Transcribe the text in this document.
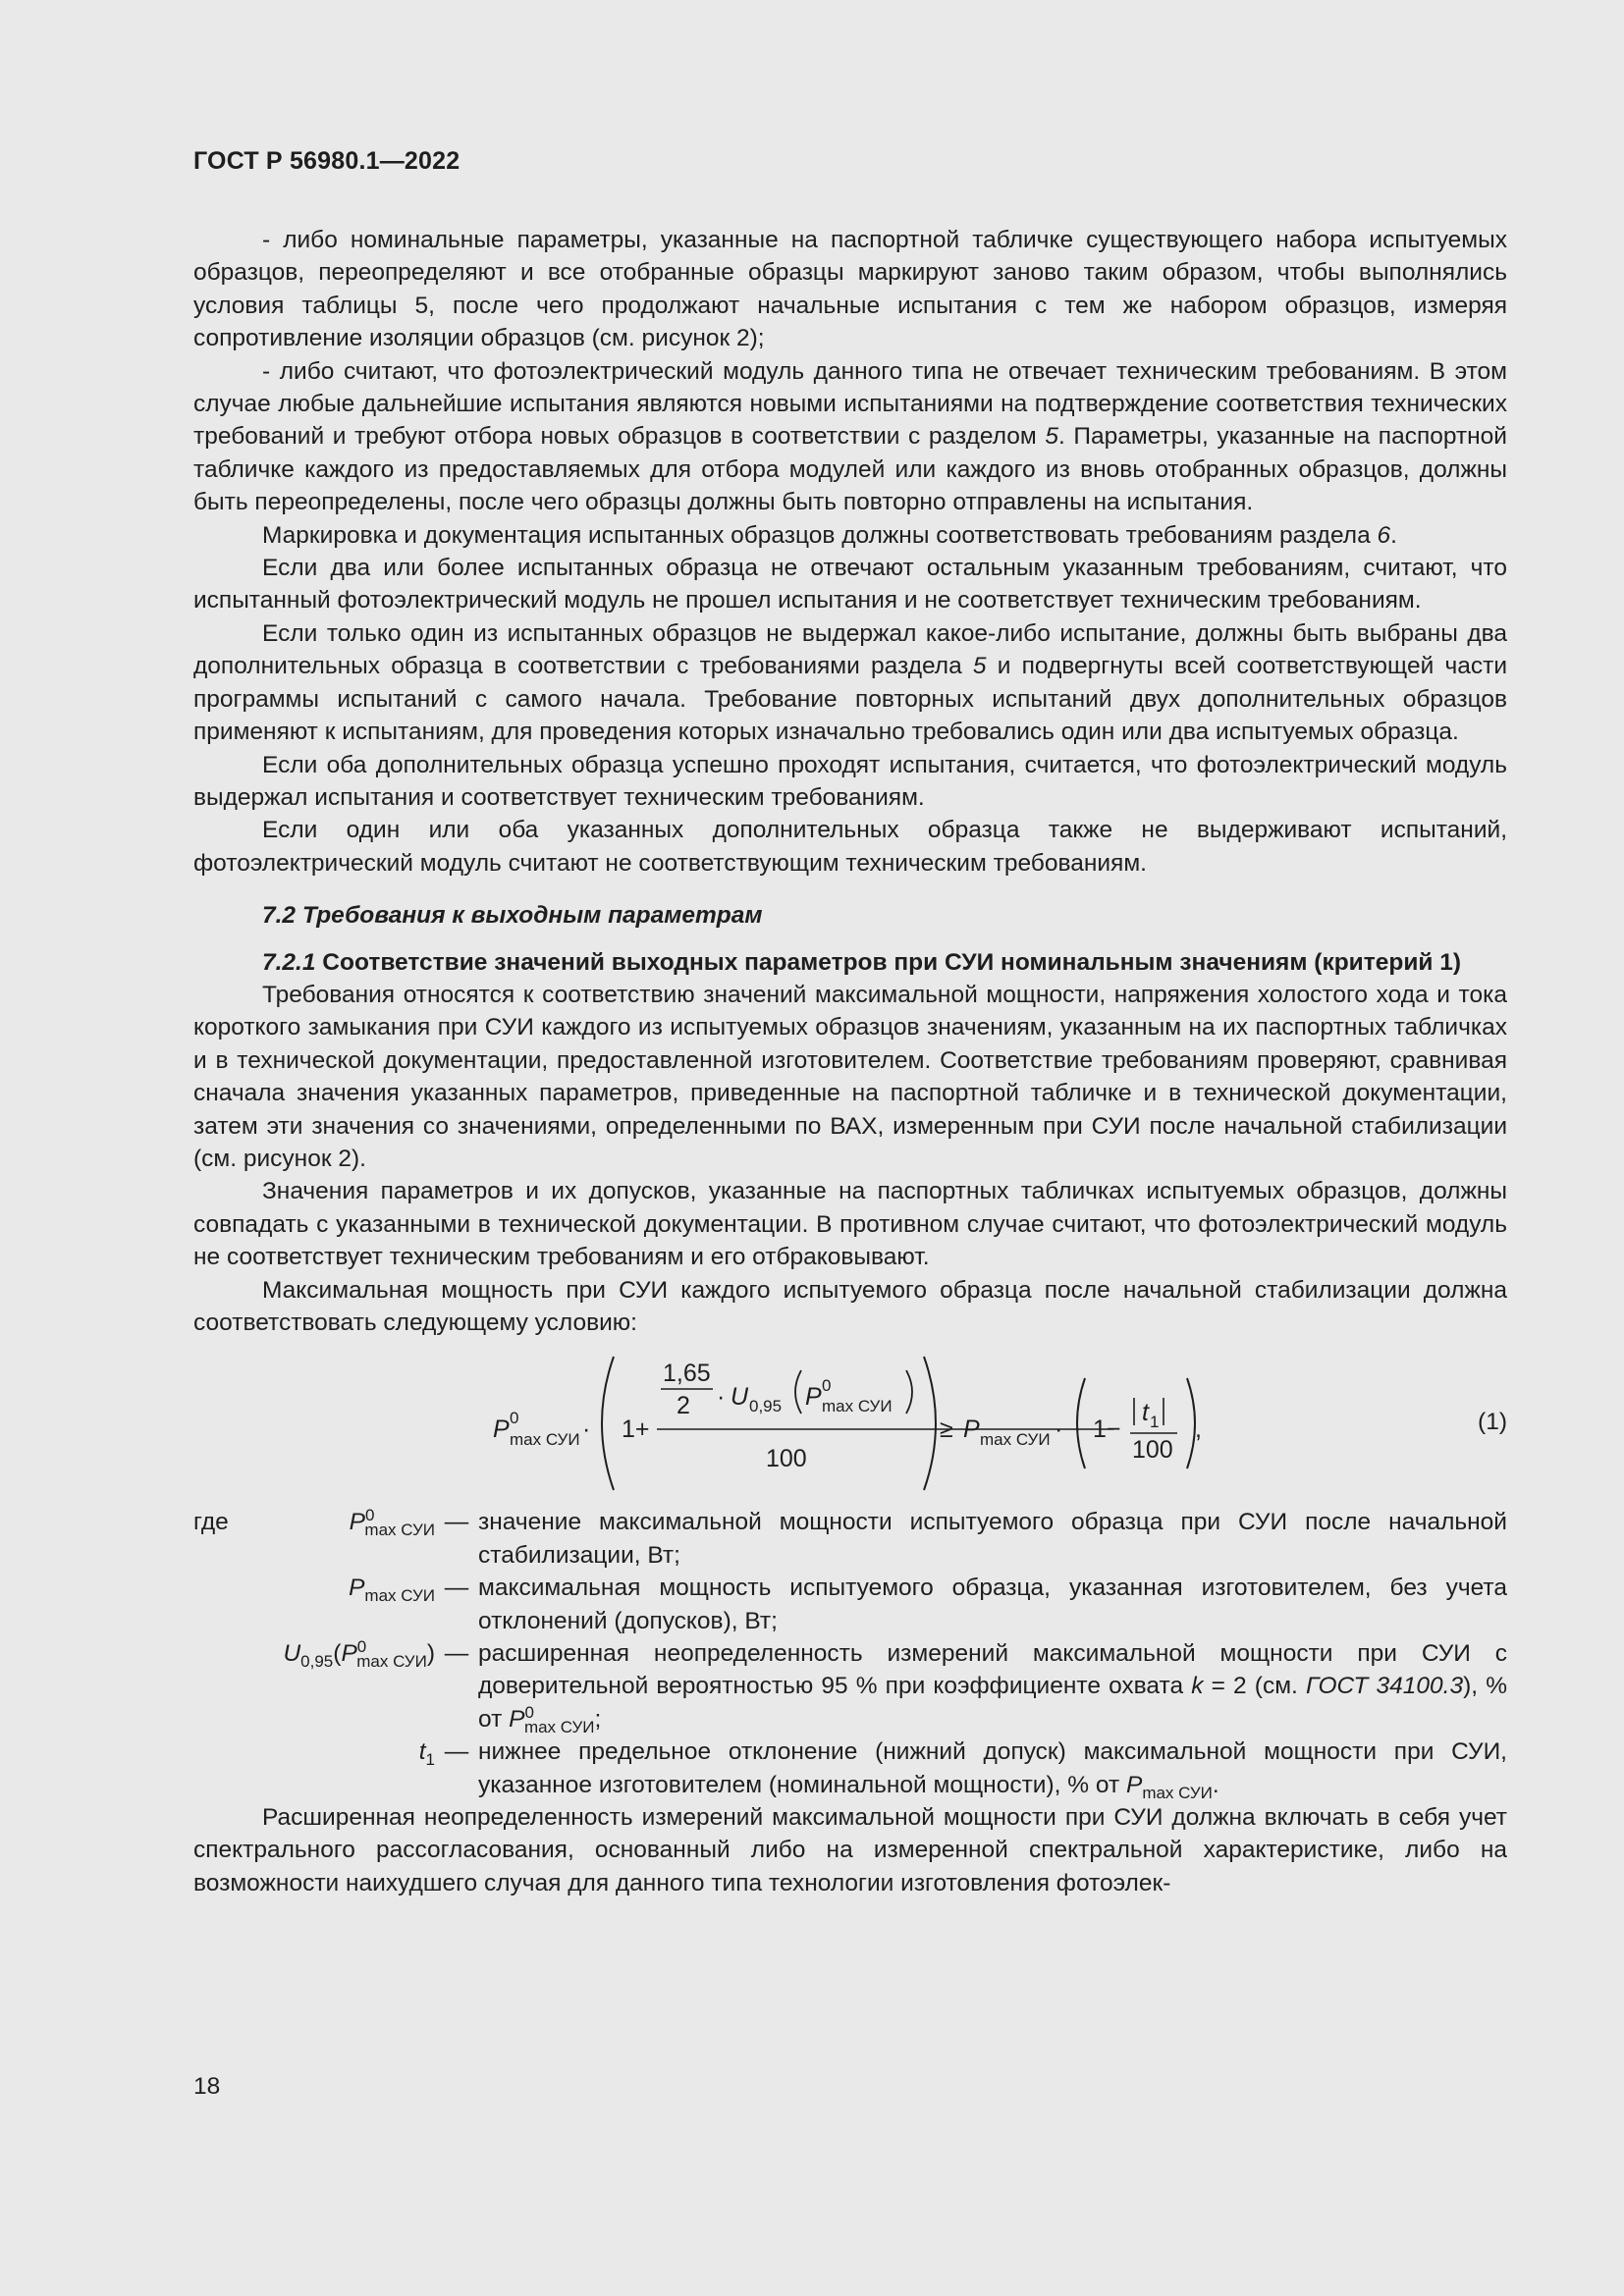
ГОСТ Р 56980.1—2022

- либо номинальные параметры, указанные на паспортной табличке существующего набора испытуемых образцов, переопределяют и все отобранные образцы маркируют заново таким образом, чтобы выполнялись условия таблицы 5, после чего продолжают начальные испытания с тем же набором образцов, измеряя сопротивление изоляции образцов (см. рисунок 2);

- либо считают, что фотоэлектрический модуль данного типа не отвечает техническим требованиям. В этом случае любые дальнейшие испытания являются новыми испытаниями на подтверждение соответствия технических требований и требуют отбора новых образцов в соответствии с разделом 5. Параметры, указанные на паспортной табличке каждого из предоставляемых для отбора модулей или каждого из вновь отобранных образцов, должны быть переопределены, после чего образцы должны быть повторно отправлены на испытания.

Маркировка и документация испытанных образцов должны соответствовать требованиям раздела 6.

Если два или более испытанных образца не отвечают остальным указанным требованиям, считают, что испытанный фотоэлектрический модуль не прошел испытания и не соответствует техническим требованиям.

Если только один из испытанных образцов не выдержал какое-либо испытание, должны быть выбраны два дополнительных образца в соответствии с требованиями раздела 5 и подвергнуты всей соответствующей части программы испытаний с самого начала. Требование повторных испытаний двух дополнительных образцов применяют к испытаниям, для проведения которых изначально требовались один или два испытуемых образца.

Если оба дополнительных образца успешно проходят испытания, считается, что фотоэлектрический модуль выдержал испытания и соответствует техническим требованиям.

Если один или оба указанных дополнительных образца также не выдерживают испытаний, фотоэлектрический модуль считают не соответствующим техническим требованиям.

7.2 Требования к выходным параметрам

7.2.1 Соответствие значений выходных параметров при СУИ номинальным значениям (критерий 1)

Требования относятся к соответствию значений максимальной мощности, напряжения холостого хода и тока короткого замыкания при СУИ каждого из испытуемых образцов значениям, указанным на их паспортных табличках и в технической документации, предоставленной изготовителем. Соответствие требованиям проверяют, сравнивая сначала значения указанных параметров, приведенные на паспортной табличке и в технической документации, затем эти значения со значениями, определенными по ВАХ, измеренным при СУИ после начальной стабилизации (см. рисунок 2).

Значения параметров и их допусков, указанные на паспортных табличках испытуемых образцов, должны совпадать с указанными в технической документации. В противном случае считают, что фотоэлектрический модуль не соответствует техническим требованиям и его отбраковывают.

Максимальная мощность при СУИ каждого испытуемого образца после начальной стабилизации должна соответствовать следующему условию:

P 0
max СУИ · 1+
1,65
2 · U 0,95 P 0
max СУИ
100
≥ P max СУИ · 1−
t 1
100
,	(1)
где	$P^0_{max СУИ}$ — значение максимальной мощности испытуемого образца при СУИ после начальной стабилизации, Вт;
$P_{max СУИ}$ — максимальная мощность испытуемого образца, указанная изготовителем, без учета отклонений (допусков), Вт;
$U_{0,95}(P^0_{max СУИ})$ — расширенная неопределенность измерений максимальной мощности при СУИ с доверительной вероятностью 95 % при коэффициенте охвата k = 2 (см. ГОСТ 34100.3), % от $P^0_{max СУИ}$;
$t_1$ — нижнее предельное отклонение (нижний допуск) максимальной мощности при СУИ, указанное изготовителем (номинальной мощности), % от $P_{max СУИ}$.

Расширенная неопределенность измерений максимальной мощности при СУИ должна включать в себя учет спектрального рассогласования, основанный либо на измеренной спектральной характеристике, либо на возможности наихудшего случая для данного типа технологии изготовления фотоэлек-

18
